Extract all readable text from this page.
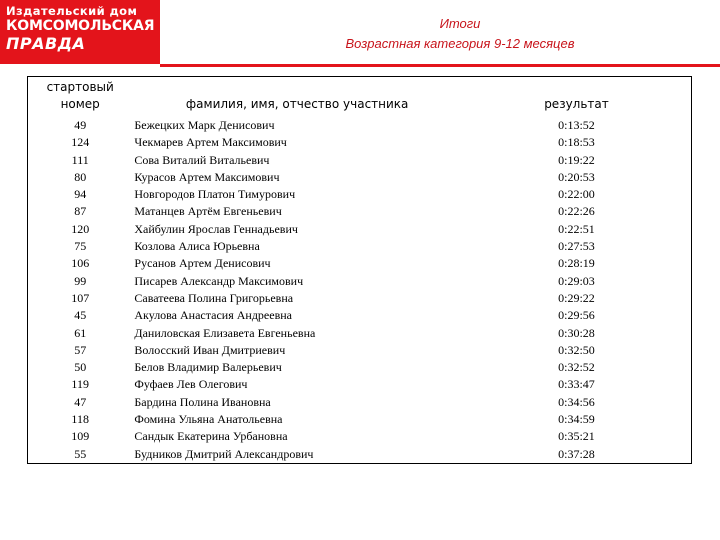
Издательский дом
КОМСОМОЛЬСКАЯ
ПРАВДА
Итоги
Возрастная категория 9-12 месяцев
стартовый номер	фамилия, имя, отчество участника	результат
49	Бежецких Марк Денисович	0:13:52
124	Чекмарев Артем Максимович	0:18:53
111	Сова Виталий Витальевич	0:19:22
80	Курасов Артем Максимович	0:20:53
94	Новгородов Платон Тимурович	0:22:00
87	Матанцев Артём Евгеньевич	0:22:26
120	Хайбулин Ярослав Геннадьевич	0:22:51
75	Козлова Алиса Юрьевна	0:27:53
106	Русанов Артем Денисович	0:28:19
99	Писарев Александр Максимович	0:29:03
107	Саватеева Полина Григорьевна	0:29:22
45	Акулова Анастасия Андреевна	0:29:56
61	Даниловская Елизавета Евгеньевна	0:30:28
57	Волосский Иван Дмитриевич	0:32:50
50	Белов Владимир Валерьевич	0:32:52
119	Фуфаев Лев Олегович	0:33:47
47	Бардина Полина Ивановна	0:34:56
118	Фомина Ульяна Анатольевна	0:34:59
109	Сандык Екатерина Урбановна	0:35:21
55	Будников Дмитрий Александрович	0:37:28
